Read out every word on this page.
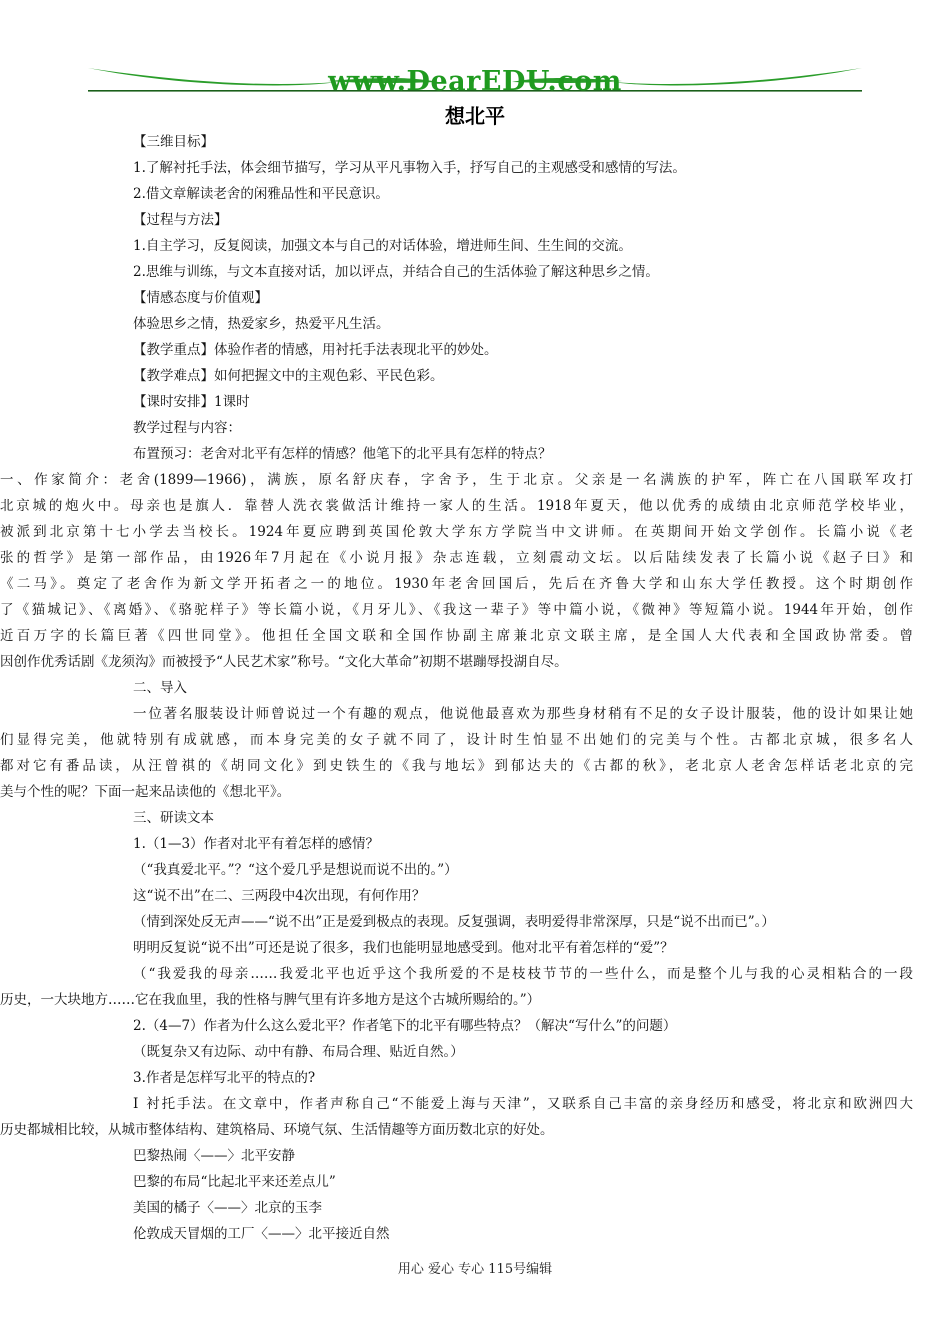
www.DearEDU.com
想北平
【三维目标】
1.了解衬托手法，体会细节描写，学习从平凡事物入手，抒写自己的主观感受和感情的写法。
2.借文章解读老舍的闲雅品性和平民意识。
【过程与方法】
1.自主学习，反复阅读，加强文本与自己的对话体验，增进师生间、生生间的交流。
2.思维与训练，与文本直接对话，加以评点，并结合自己的生活体验了解这种思乡之情。
【情感态度与价值观】
体验思乡之情，热爱家乡，热爱平凡生活。
【教学重点】体验作者的情感，用衬托手法表现北平的妙处。
【教学难点】如何把握文中的主观色彩、平民色彩。
【课时安排】1课时
教学过程与内容：
布置预习：老舍对北平有怎样的情感？他笔下的北平具有怎样的特点？
一、作家简介：老舍(1899—1966)，满族，原名舒庆春，字舍予，生于北京。父亲是一名满族的护军，阵亡在八国联军攻打
北京城的炮火中。母亲也是旗人．靠替人洗衣裳做活计维持一家人的生活。1918年夏天，他以优秀的成绩由北京师范学校毕业，
被派到北京第十七小学去当校长。1924年夏应聘到英国伦敦大学东方学院当中文讲师。在英期间开始文学创作。长篇小说《老
张的哲学》是第一部作品，由1926年7月起在《小说月报》杂志连载，立刻震动文坛。以后陆续发表了长篇小说《赵子曰》和
《二马》。奠定了老舍作为新文学开拓者之一的地位。1930年老舍回国后，先后在齐鲁大学和山东大学任教授。这个时期创作
了《猫城记》、《离婚》、《骆驼样子》等长篇小说，《月牙儿》、《我这一辈子》等中篇小说，《微神》等短篇小说。1944年开始，创作
近百万字的长篇巨著《四世同堂》。他担任全国文联和全国作协副主席兼北京文联主席，是全国人大代表和全国政协常委。曾
因创作优秀话剧《龙须沟》而被授予“人民艺术家”称号。“文化大革命”初期不堪蹦辱投湖自尽。
二、导入
一位著名服装设计师曾说过一个有趣的观点，他说他最喜欢为那些身材稍有不足的女子设计服装，他的设计如果让她
们显得完美，他就特别有成就感，而本身完美的女子就不同了，设计时生怕显不出她们的完美与个性。古都北京城，很多名人
都对它有番品读，从汪曾祺的《胡同文化》到史铁生的《我与地坛》到郁达夫的《古都的秋》，老北京人老舍怎样话老北京的完
美与个性的呢？下面一起来品读他的《想北平》。
三、研读文本
1.（1—3）作者对北平有着怎样的感情？
（“我真爱北平。”？“这个爱几乎是想说而说不出的。”）
这“说不出”在二、三两段中4次出现，有何作用？
（情到深处反无声——“说不出”正是爱到极点的表现。反复强调，表明爱得非常深厚，只是“说不出而已”。）
明明反复说“说不出”可还是说了很多，我们也能明显地感受到。他对北平有着怎样的“爱”？
（“我爱我的母亲……我爱北平也近乎这个我所爱的不是枝枝节节的一些什么，而是整个儿与我的心灵相粘合的一段
历史，一大块地方……它在我血里，我的性格与脾气里有许多地方是这个古城所赐给的。”）
2.（4—7）作者为什么这么爱北平？作者笔下的北平有哪些特点？（解决“写什么”的问题）
（既复杂又有边际、动中有静、布局合理、贴近自然。）
3.作者是怎样写北平的特点的?
Ⅰ 衬托手法。在文章中，作者声称自己“不能爱上海与天津”，又联系自己丰富的亲身经历和感受，将北京和欧洲四大
历史都城相比较，从城市整体结构、建筑格局、环境气氛、生活情趣等方面历数北京的好处。
巴黎热闹〈——〉北平安静
巴黎的布局“比起北平来还差点儿”
美国的橘子〈——〉北京的玉李
伦敦成天冒烟的工厂〈——〉北平接近自然
用心 爱心 专心 115号编辑
